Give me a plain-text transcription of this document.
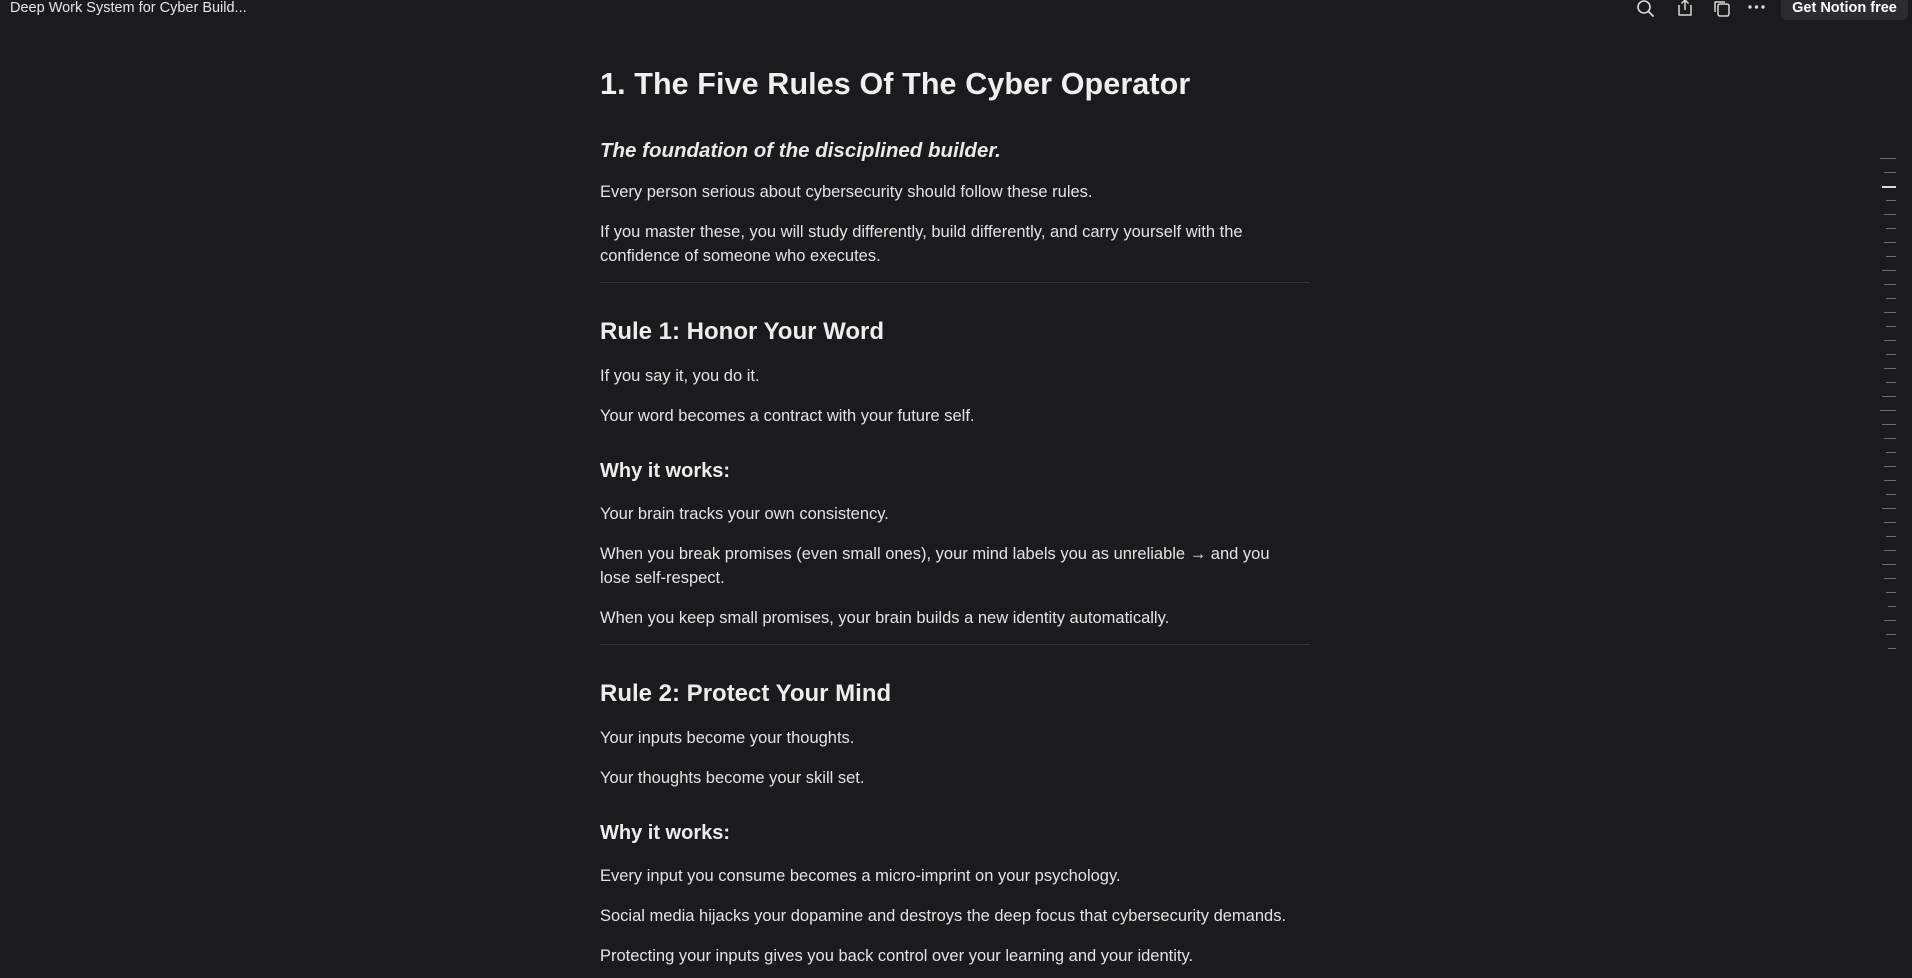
Deep Work System for Cyber Build...	Get Notion free
1. The Five Rules Of The Cyber Operator
The foundation of the disciplined builder.
Every person serious about cybersecurity should follow these rules.
If you master these, you will study differently, build differently, and carry yourself with the confidence of someone who executes.
Rule 1: Honor Your Word
If you say it, you do it.
Your word becomes a contract with your future self.
Why it works:
Your brain tracks your own consistency.
When you break promises (even small ones), your mind labels you as unreliable → and you lose self-respect.
When you keep small promises, your brain builds a new identity automatically.
Rule 2: Protect Your Mind
Your inputs become your thoughts.
Your thoughts become your skill set.
Why it works:
Every input you consume becomes a micro-imprint on your psychology.
Social media hijacks your dopamine and destroys the deep focus that cybersecurity demands.
Protecting your inputs gives you back control over your learning and your identity.
